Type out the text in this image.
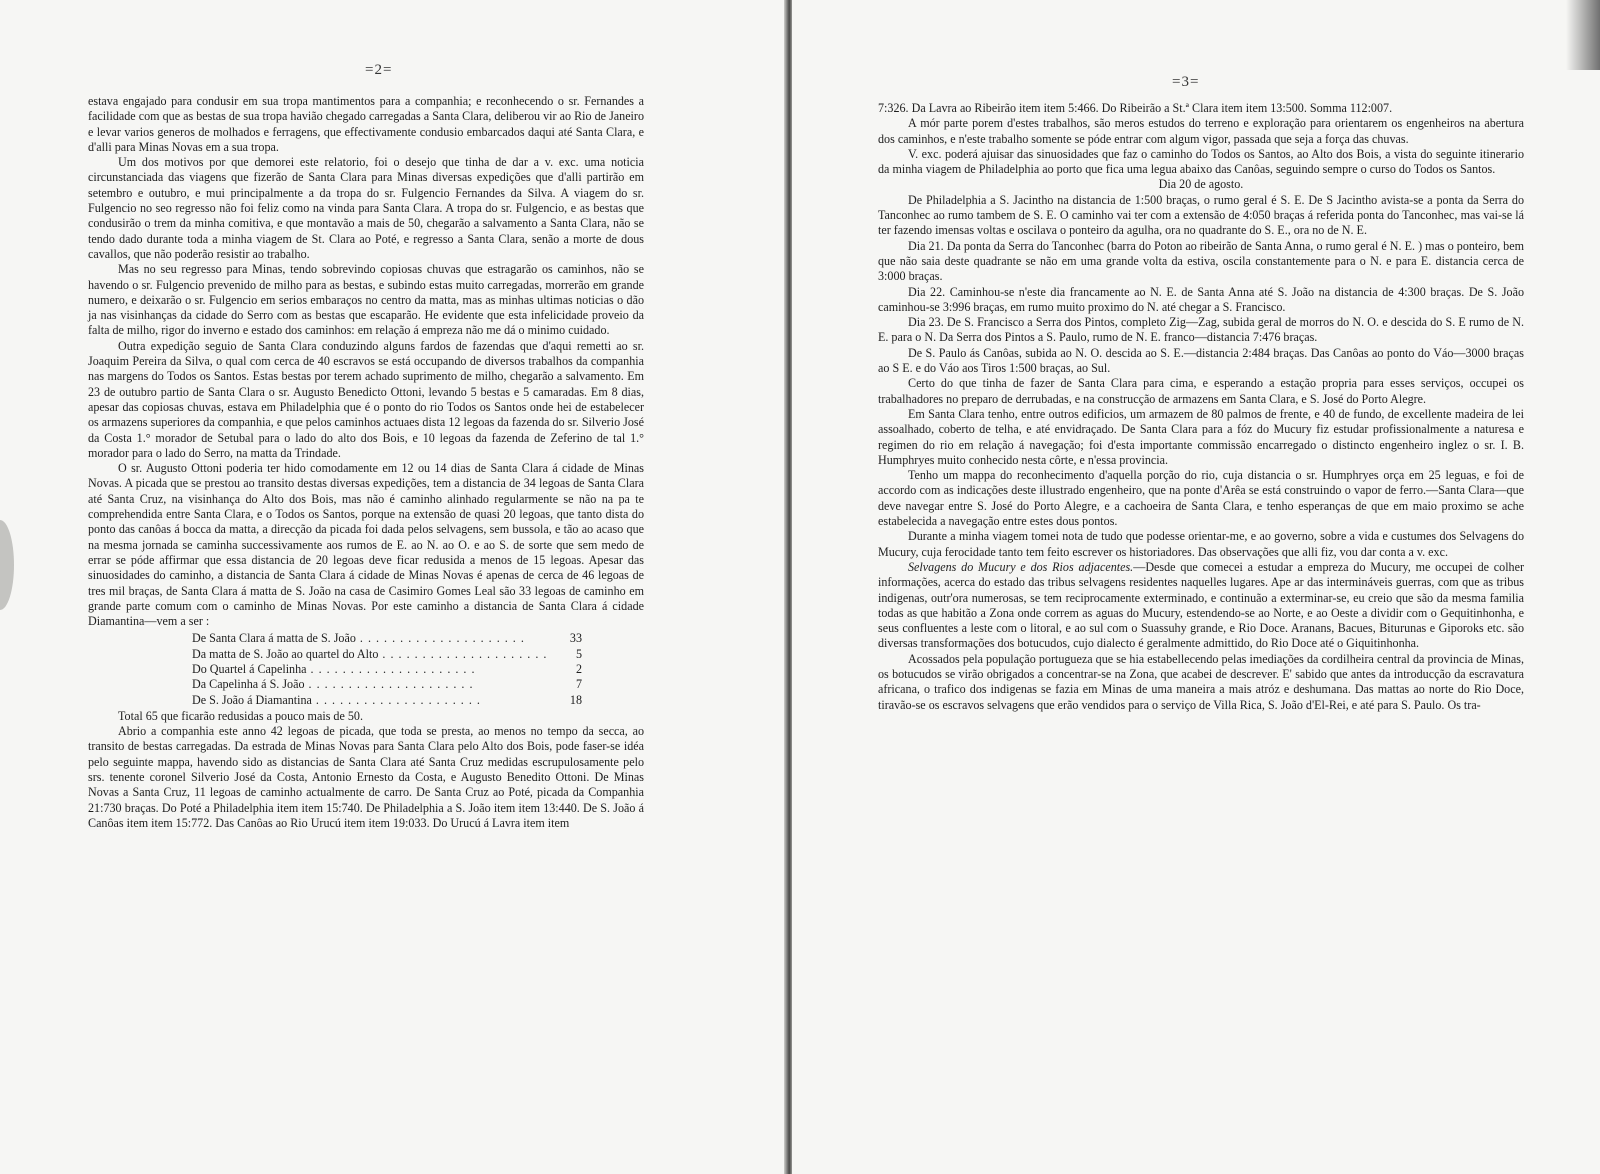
=2=

estava engajado para condusir em sua tropa mantimentos para a companhia; e reconhecendo o sr. Fernandes a facilidade com que as bestas de sua tropa havião chegado carregadas a Santa Clara, deliberou vir ao Rio de Janeiro e levar varios generos de molhados e ferragens, que effectivamente condusio embarcados daqui até Santa Clara, e d'alli para Minas Novas em a sua tropa.

Um dos motivos por que demorei este relatorio, foi o desejo que tinha de dar a v. exc. uma noticia circunstanciada das viagens que fizerão de Santa Clara para Minas diversas expedições que d'alli partirão em setembro e outubro, e mui principalmente a da tropa do sr. Fulgencio Fernandes da Silva. A viagem do sr. Fulgencio no seo regresso não foi feliz como na vinda para Santa Clara. A tropa do sr. Fulgencio, e as bestas que condusirão o trem da minha comitiva, e que montavão a mais de 50, chegarão a salvamento a Santa Clara, não se tendo dado durante toda a minha viagem de St. Clara ao Poté, e regresso a Santa Clara, senão a morte de dous cavallos, que não poderão resistir ao trabalho.

Mas no seu regresso para Minas, tendo sobrevindo copiosas chuvas que estragarão os caminhos, não se havendo o sr. Fulgencio prevenido de milho para as bestas, e subindo estas muito carregadas, morrerão em grande numero, e deixarão o sr. Fulgencio em serios embaraços no centro da matta, mas as minhas ultimas noticias o dão ja nas visinhanças da cidade do Serro com as bestas que escaparão. He evidente que esta infelicidade proveio da falta de milho, rigor do inverno e estado dos caminhos: em relação á empreza não me dá o minimo cuidado.

Outra expedição seguio de Santa Clara conduzindo alguns fardos de fazendas que d'aqui remetti ao sr. Joaquim Pereira da Silva, o qual com cerca de 40 escravos se está occupando de diversos trabalhos da companhia nas margens do Todos os Santos. Estas bestas por terem achado suprimento de milho, chegarão a salvamento. Em 23 de outubro partio de Santa Clara o sr. Augusto Benedicto Ottoni, levando 5 bestas e 5 camaradas. Em 8 dias, apesar das copiosas chuvas, estava em Philadelphia que é o ponto do rio Todos os Santos onde hei de estabelecer os armazens superiores da companhia, e que pelos caminhos actuaes dista 12 legoas da fazenda do sr. Silverio José da Costa 1.° morador de Setubal para o lado do alto dos Bois, e 10 legoas da fazenda de Zeferino de tal 1.° morador para o lado do Serro, na matta da Trindade.

O sr. Augusto Ottoni poderia ter hido comodamente em 12 ou 14 dias de Santa Clara á cidade de Minas Novas. A picada que se prestou ao transito destas diversas expedições, tem a distancia de 34 legoas de Santa Clara até Santa Cruz, na visinhança do Alto dos Bois, mas não é caminho alinhado regularmente se não na pa te comprehendida entre Santa Clara, e o Todos os Santos, porque na extensão de quasi 20 legoas, que tanto dista do ponto das canôas á bocca da matta, a direcção da picada foi dada pelos selvagens, sem bussola, e tão ao acaso que na mesma jornada se caminha successivamente aos rumos de E. ao N. ao O. e ao S. de sorte que sem medo de errar se póde affirmar que essa distancia de 20 legoas deve ficar redusida a menos de 15 legoas. Apesar das sinuosidades do caminho, a distancia de Santa Clara á cidade de Minas Novas é apenas de cerca de 46 legoas de tres mil braças, de Santa Clara á matta de S. João na casa de Casimiro Gomes Leal são 33 legoas de caminho em grande parte comum com o caminho de Minas Novas. Por este caminho a distancia de Santa Clara á cidade Diamantina—vem a ser :

De Santa Clara á matta de S. João . . .	33
Da matta de S. João ao quartel do Alto . . .	5
Do Quartel á Capelinha . . .	2
Da Capelinha á S. João . . .	7
De S. João á Diamantina . . .	18

Total 65 que ficarão redusidas a pouco mais de 50.

Abrio a companhia este anno 42 legoas de picada, que toda se presta, ao menos no tempo da secca, ao transito de bestas carregadas. Da estrada de Minas Novas para Santa Clara pelo Alto dos Bois, pode faser-se idéa pelo seguinte mappa, havendo sido as distancias de Santa Clara até Santa Cruz medidas escrupulosamente pelo srs. tenente coronel Silverio José da Costa, Antonio Ernesto da Costa, e Augusto Benedito Ottoni. De Minas Novas a Santa Cruz, 11 legoas de caminho actualmente de carro. De Santa Cruz ao Poté, picada da Companhia 21:730 braças. Do Poté a Philadelphia item item 15:740. De Philadelphia a S. João item item 13:440. De S. João á Canôas item item 15:772. Das Canôas ao Rio Urucú item item 19:033. Do Urucú á Lavra item item

=3=

7:326. Da Lavra ao Ribeirão item item 5:466. Do Ribeirão a St.ª Clara item item 13:500. Somma 112:007.

A mór parte porem d'estes trabalhos, são meros estudos do terreno e exploração para orientarem os engenheiros na abertura dos caminhos, e n'este trabalho somente se póde entrar com algum vigor, passada que seja a força das chuvas.

V. exc. poderá ajuisar das sinuosidades que faz o caminho do Todos os Santos, ao Alto dos Bois, a vista do seguinte itinerario da minha viagem de Philadelphia ao porto que fica uma legua abaixo das Canôas, seguindo sempre o curso do Todos os Santos.

Dia 20 de agosto.

De Philadelphia a S. Jacintho na distancia de 1:500 braças, o rumo geral é S. E. De S Jacintho avista-se a ponta da Serra do Tanconhec ao rumo tambem de S. E. O caminho vai ter com a extensão de 4:050 braças á referida ponta do Tanconhec, mas vai-se lá ter fazendo imensas voltas e oscilava o ponteiro da agulha, ora no quadrante do S. E., ora no de N. E.

Dia 21. Da ponta da Serra do Tanconhec (barra do Poton ao ribeirão de Santa Anna, o rumo geral é N. E. ) mas o ponteiro, bem que não saia deste quadrante se não em uma grande volta da estiva, oscila constantemente para o N. e para E. distancia cerca de 3:000 braças.

Dia 22. Caminhou-se n'este dia francamente ao N. E. de Santa Anna até S. João na distancia de 4:300 braças. De S. João caminhou-se 3:996 braças, em rumo muito proximo do N. até chegar a S. Francisco.

Dia 23. De S. Francisco a Serra dos Pintos, completo Zig—Zag, subida geral de morros do N. O. e descida do S. E rumo de N. E. para o N. Da Serra dos Pintos a S. Paulo, rumo de N. E. franco—distancia 7:476 braças.

De S. Paulo ás Canôas, subida ao N. O. descida ao S. E.—distancia 2:484 braças. Das Canôas ao ponto do Váo—3000 braças ao S E. e do Váo aos Tiros 1:500 braças, ao Sul.

Certo do que tinha de fazer de Santa Clara para cima, e esperando a estação propria para esses serviços, occupei os trabalhadores no preparo de derrubadas, e na construcção de armazens em Santa Clara, e S. José do Porto Alegre.

Em Santa Clara tenho, entre outros edificios, um armazem de 80 palmos de frente, e 40 de fundo, de excellente madeira de lei assoalhado, coberto de telha, e até envidraçado. De Santa Clara para a fóz do Mucury fiz estudar profissionalmente a naturesa e regimen do rio em relação á navegação; foi d'esta importante commissão encarregado o distincto engenheiro inglez o sr. I. B. Humphryes muito conhecido nesta côrte, e n'essa provincia.

Tenho um mappa do reconhecimento d'aquella porção do rio, cuja distancia o sr. Humphryes orça em 25 leguas, e foi de accordo com as indicações deste illustrado engenheiro, que na ponte d'Arêa se está construindo o vapor de ferro.—Santa Clara—que deve navegar entre S. José do Porto Alegre, e a cachoeira de Santa Clara, e tenho esperanças de que em maio proximo se ache estabelecida a navegação entre estes dous pontos.

Durante a minha viagem tomei nota de tudo que podesse orientar-me, e ao governo, sobre a vida e custumes dos Selvagens do Mucury, cuja ferocidade tanto tem feito escrever os historiadores. Das observações que alli fiz, vou dar conta a v. exc.

Selvagens do Mucury e dos Rios adjacentes.—Desde que comecei a estudar a empreza do Mucury, me occupei de colher informações, acerca do estado das tribus selvagens residentes naquelles lugares. Ape ar das intermináveis guerras, com que as tribus indigenas, outr'ora numerosas, se tem reciprocamente exterminado, e continuão a exterminar-se, eu creio que são da mesma familia todas as que habitão a Zona onde correm as aguas do Mucury, estendendo-se ao Norte, e ao Oeste a dividir com o Gequitinhonha, e seus confluentes a leste com o litoral, e ao sul com o Suassuhy grande, e Rio Doce. Aranans, Bacues, Biturunas e Giporoks etc. são diversas transformações dos botucudos, cujo dialecto é geralmente admittido, do Rio Doce até o Giquitinhonha.

Acossados pela população portugueza que se hia estabellecendo pelas imediações da cordilheira central da provincia de Minas, os botucudos se virão obrigados a concentrar-se na Zona, que acabei de descrever. E' sabido que antes da introducção da escravatura africana, o trafico dos indigenas se fazia em Minas de uma maneira a mais atróz e deshumana. Das mattas ao norte do Rio Doce, tiravão-se os escravos selvagens que erão vendidos para o serviço de Villa Rica, S. João d'El-Rei, e até para S. Paulo. Os tra-
